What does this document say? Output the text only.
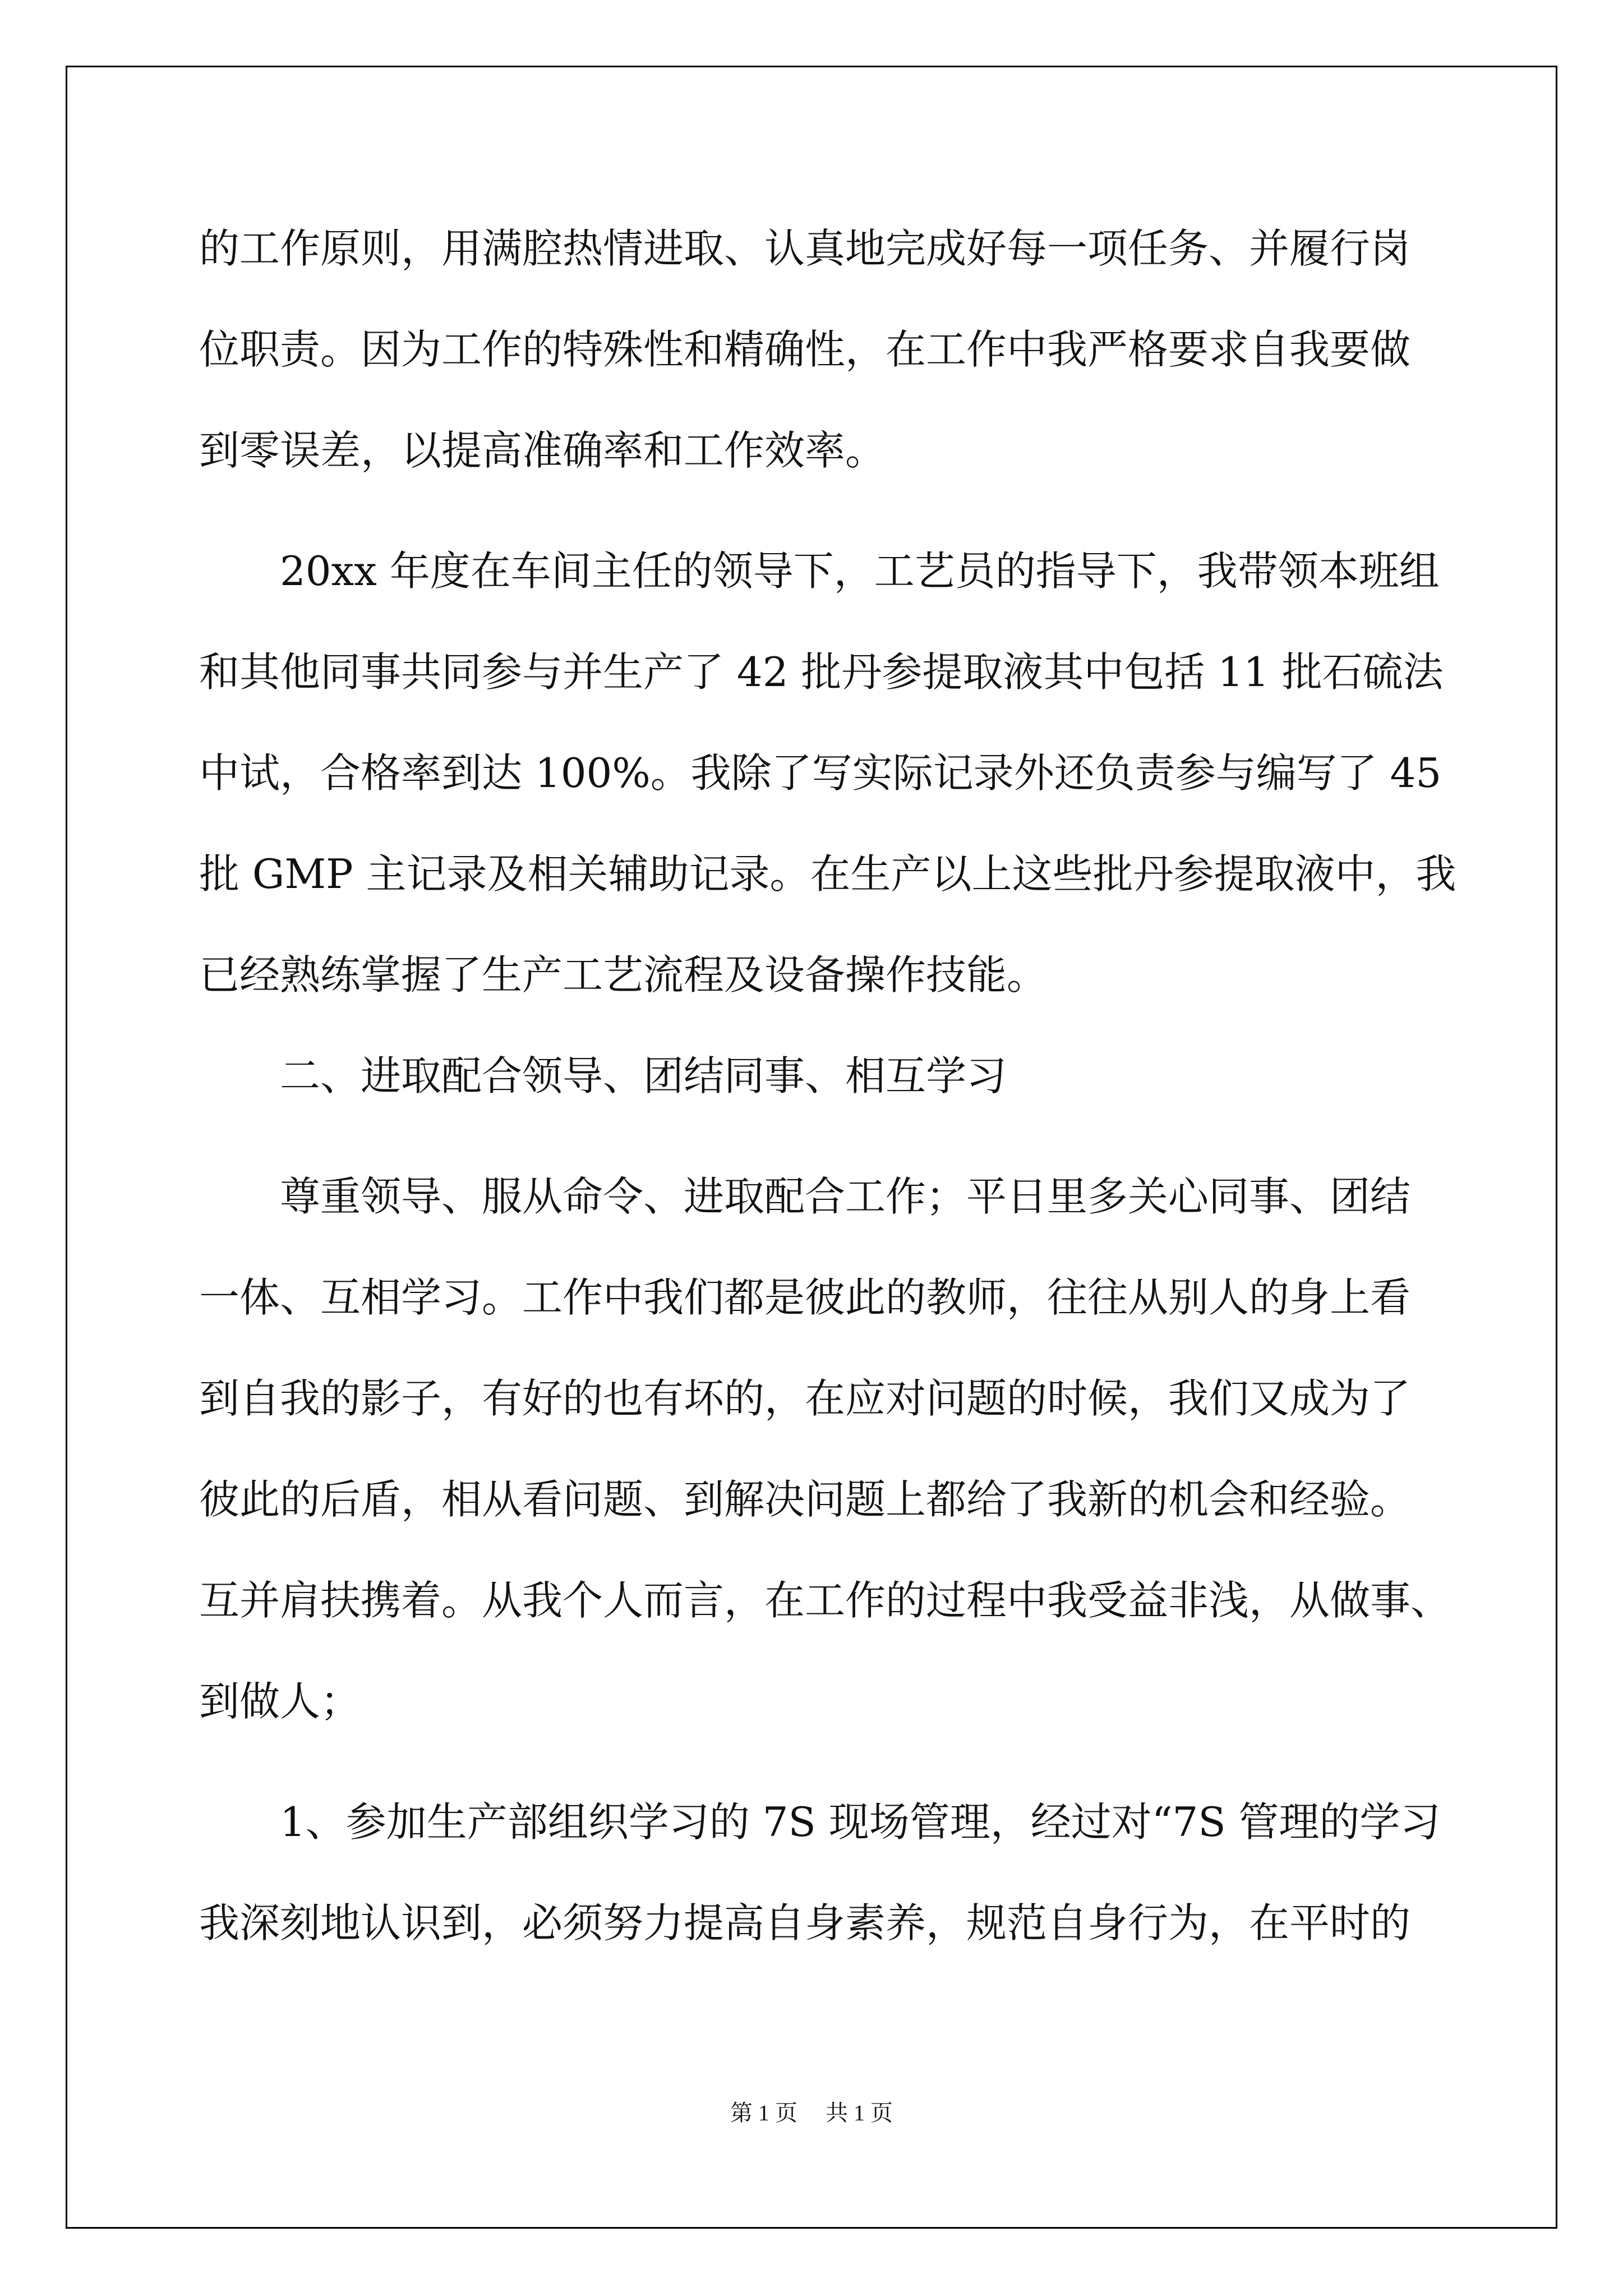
的工作原则，用满腔热情进取、认真地完成好每一项任务、并履行岗

位职责。因为工作的特殊性和精确性，在工作中我严格要求自我要做

到零误差，以提高准确率和工作效率。

　　20xx 年度在车间主任的领导下，工艺员的指导下，我带领本班组

和其他同事共同参与并生产了 42 批丹参提取液其中包括 11 批石硫法

中试，合格率到达 100%。我除了写实际记录外还负责参与编写了 45

批 GMP 主记录及相关辅助记录。在生产以上这些批丹参提取液中，我

已经熟练掌握了生产工艺流程及设备操作技能。

　　二、进取配合领导、团结同事、相互学习

　　尊重领导、服从命令、进取配合工作；平日里多关心同事、团结

一体、互相学习。工作中我们都是彼此的教师，往往从别人的身上看

到自我的影子，有好的也有坏的，在应对问题的时候，我们又成为了

彼此的后盾，相从看问题、到解决问题上都给了我新的机会和经验。

互并肩扶携着。从我个人而言，在工作的过程中我受益非浅，从做事、

到做人；

　　1、参加生产部组织学习的 7S 现场管理，经过对“7S 管理的学习

我深刻地认识到，必须努力提高自身素养，规范自身行为，在平时的

第 1 页　 共 1 页
